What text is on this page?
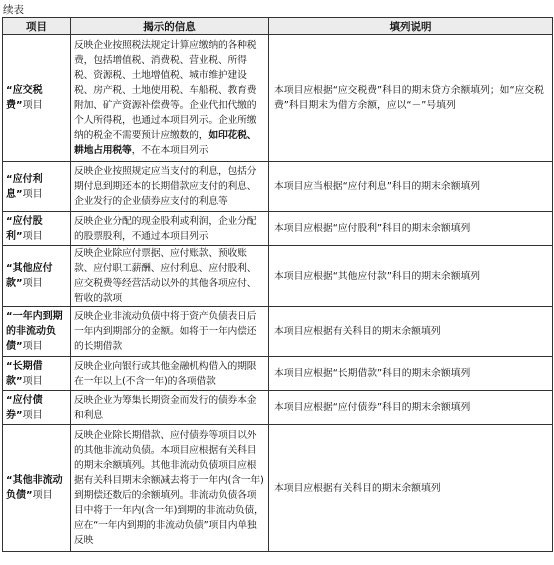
续表
项目	揭示的信息	填列说明
“应交税费”项目	反映企业按照税法规定计算应缴纳的各种税费，包括增值税、消费税、营业税、所得税、资源税、土地增值税、城市维护建设税、房产税、土地使用税、车船税、教育费附加、矿产资源补偿费等。企业代扣代缴的个人所得税，也通过本项目列示。企业所缴纳的税金不需要预计应缴数的，如印花税、耕地占用税等，不在本项目列示	本项目应根据“应交税费”科目的期末贷方余额填列；如“应交税费”科目期末为借方余额，应以“－”号填列
“应付利息”项目	反映企业按照规定应当支付的利息，包括分期付息到期还本的长期借款应支付的利息、企业发行的企业债券应支付的利息等	本项目应当根据“应付利息”科目的期末余额填列
“应付股利”项目	反映企业分配的现金股利或利润，企业分配的股票股利，不通过本项目列示	本项目应根据“应付股利”科目的期末余额填列
“其他应付款”项目	反映企业除应付票据、应付账款、预收账款、应付职工薪酬、应付利息、应付股利、应交税费等经营活动以外的其他各项应付、暂收的款项	本项目应根据“其他应付款”科目的期末余额填列
“一年内到期的非流动负债”项目	反映企业非流动负债中将于资产负债表日后一年内到期部分的金额。如将于一年内偿还的长期借款	本项目应根据有关科目的期末余额填列
“长期借款”项目	反映企业向银行或其他金融机构借入的期限在一年以上(不含一年)的各项借款	本项目应根据“长期借款”科目的期末余额填列
“应付债券”项目	反映企业为筹集长期资金而发行的债券本金和利息	本项目应根据“应付债券”科目的期末余额填列
“其他非流动负债”项目	反映企业除长期借款、应付债券等项目以外的其他非流动负债。本项目应根据有关科目的期末余额填列。其他非流动负债项目应根据有关科目期末余额减去将于一年内(含一年)到期偿还数后的余额填列。非流动负债各项目中将于一年内(含一年)到期的非流动负债，应在“一年内到期的非流动负债”项目内单独反映	本项目应根据有关科目的期末余额填列
